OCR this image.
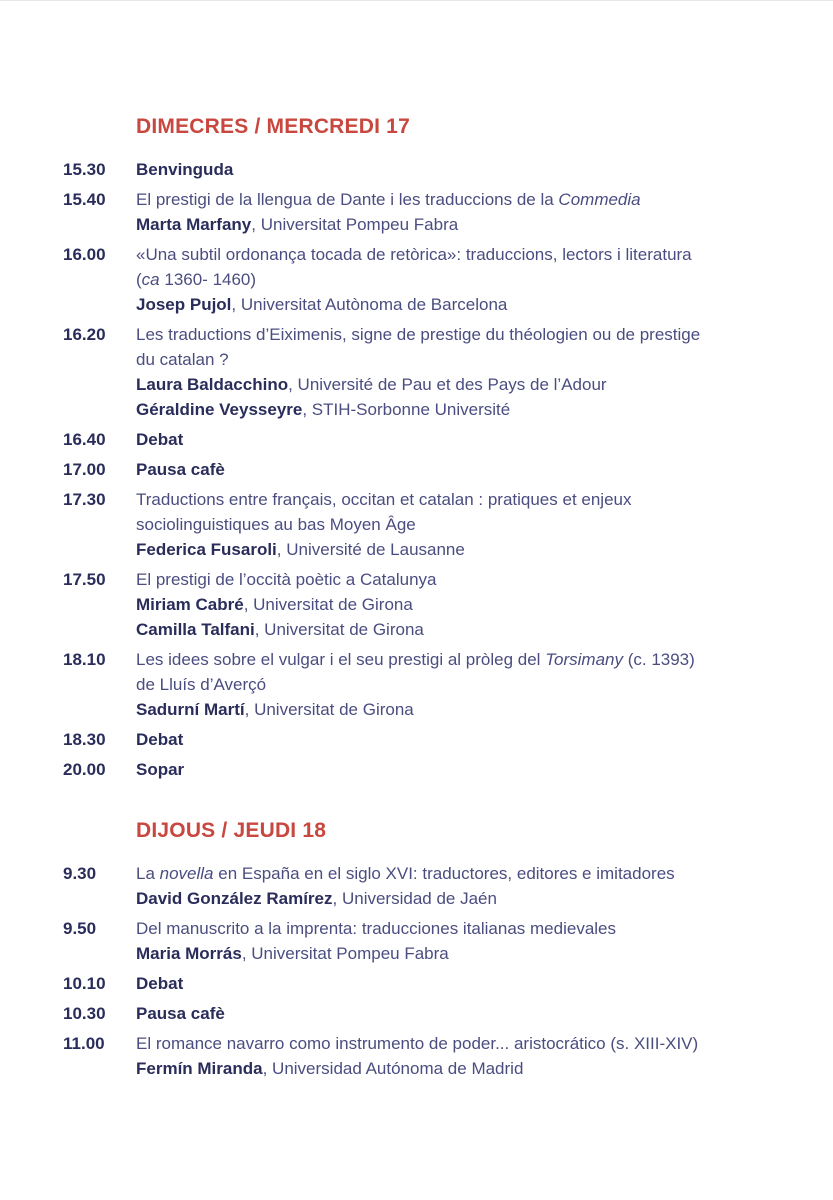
DIMECRES / MERCREDI 17
15.30	Benvinguda
15.40	El prestigi de la llengua de Dante i les traduccions de la Commedia
Marta Marfany, Universitat Pompeu Fabra
16.00	«Una subtil ordonança tocada de retòrica»: traduccions, lectors i literatura
(ca 1360- 1460)
Josep Pujol, Universitat Autònoma de Barcelona
16.20	Les traductions d’Eiximenis, signe de prestige du théologien ou de prestige
du catalan ?
Laura Baldacchino, Université de Pau et des Pays de l’Adour
Géraldine Veysseyre, STIH-Sorbonne Université
16.40	Debat
17.00	Pausa cafè
17.30	Traductions entre français, occitan et catalan : pratiques et enjeux
sociolinguistiques au bas Moyen Âge
Federica Fusaroli, Université de Lausanne
17.50	El prestigi de l’occità poètic a Catalunya
Miriam Cabré, Universitat de Girona
Camilla Talfani, Universitat de Girona
18.10	Les idees sobre el vulgar i el seu prestigi al pròleg del Torsimany (c. 1393)
de Lluís d’Averçó
Sadurní Martí, Universitat de Girona
18.30	Debat
20.00	Sopar
DIJOUS / JEUDI 18
9.30	La novella en España en el siglo XVI: traductores, editores e imitadores
David González Ramírez, Universidad de Jaén
9.50	Del manuscrito a la imprenta: traducciones italianas medievales
Maria Morrás, Universitat Pompeu Fabra
10.10	Debat
10.30	Pausa cafè
11.00	El romance navarro como instrumento de poder... aristocrático (s. XIII-XIV)
Fermín Miranda, Universidad Autónoma de Madrid
